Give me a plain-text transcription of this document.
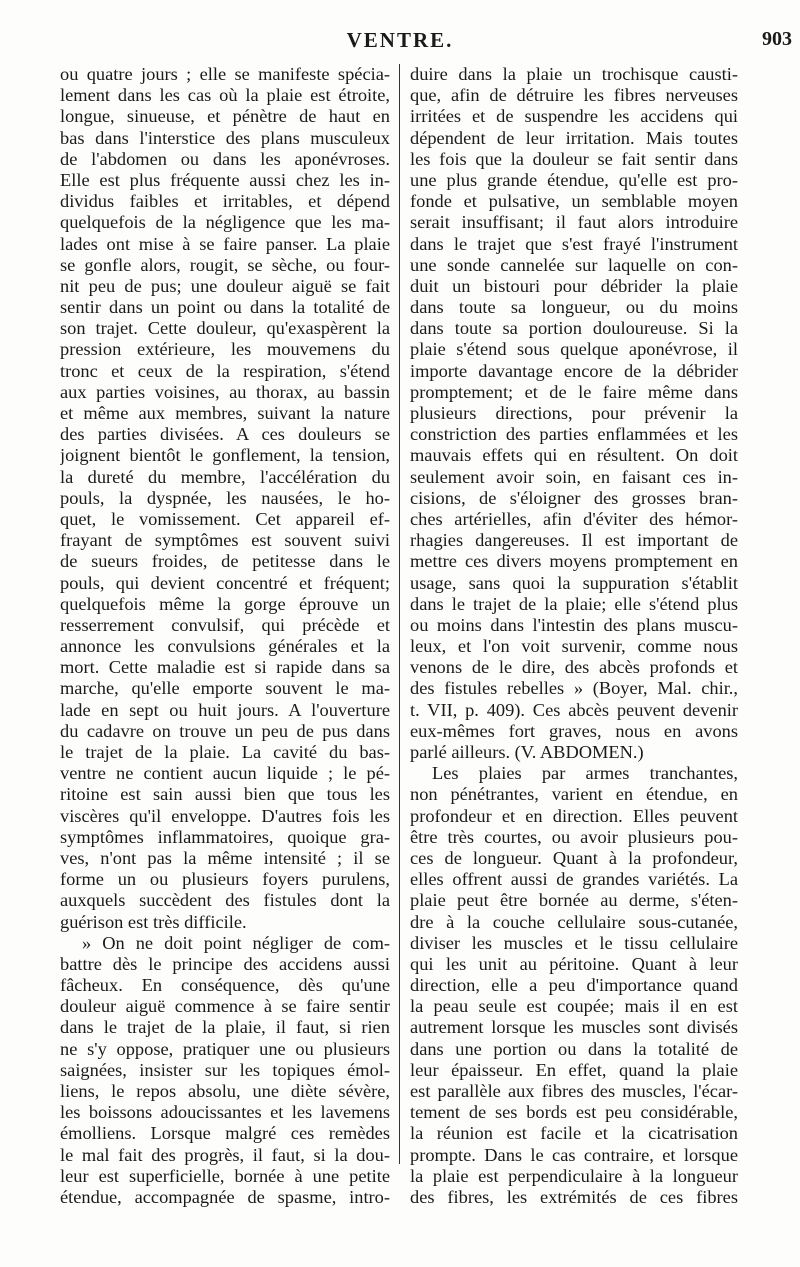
VENTRE.	903
ou quatre jours ; elle se manifeste spécia-
lement dans les cas où la plaie est étroite,
longue, sinueuse, et pénètre de haut en
bas dans l'interstice des plans musculeux
de l'abdomen ou dans les aponévroses.
Elle est plus fréquente aussi chez les in-
dividus faibles et irritables, et dépend
quelquefois de la négligence que les ma-
lades ont mise à se faire panser. La plaie
se gonfle alors, rougit, se sèche, ou four-
nit peu de pus; une douleur aiguë se fait
sentir dans un point ou dans la totalité de
son trajet. Cette douleur, qu'exaspèrent la
pression extérieure, les mouvemens du
tronc et ceux de la respiration, s'étend
aux parties voisines, au thorax, au bassin
et même aux membres, suivant la nature
des parties divisées. A ces douleurs se
joignent bientôt le gonflement, la tension,
la dureté du membre, l'accélération du
pouls, la dyspnée, les nausées, le ho-
quet, le vomissement. Cet appareil ef-
frayant de symptômes est souvent suivi
de sueurs froides, de petitesse dans le
pouls, qui devient concentré et fréquent;
quelquefois même la gorge éprouve un
resserrement convulsif, qui précède et
annonce les convulsions générales et la
mort. Cette maladie est si rapide dans sa
marche, qu'elle emporte souvent le ma-
lade en sept ou huit jours. A l'ouverture
du cadavre on trouve un peu de pus dans
le trajet de la plaie. La cavité du bas-
ventre ne contient aucun liquide ; le pé-
ritoine est sain aussi bien que tous les
viscères qu'il enveloppe. D'autres fois les
symptômes inflammatoires, quoique gra-
ves, n'ont pas la même intensité ; il se
forme un ou plusieurs foyers purulens,
auxquels succèdent des fistules dont la
guérison est très difficile.
» On ne doit point négliger de com-
battre dès le principe des accidens aussi
fâcheux. En conséquence, dès qu'une
douleur aiguë commence à se faire sentir
dans le trajet de la plaie, il faut, si rien
ne s'y oppose, pratiquer une ou plusieurs
saignées, insister sur les topiques émol-
liens, le repos absolu, une diète sévère,
les boissons adoucissantes et les lavemens
émolliens. Lorsque malgré ces remèdes
le mal fait des progrès, il faut, si la dou-
leur est superficielle, bornée à une petite
étendue, accompagnée de spasme, intro-
duire dans la plaie un trochisque causti-
que, afin de détruire les fibres nerveuses
irritées et de suspendre les accidens qui
dépendent de leur irritation. Mais toutes
les fois que la douleur se fait sentir dans
une plus grande étendue, qu'elle est pro-
fonde et pulsative, un semblable moyen
serait insuffisant; il faut alors introduire
dans le trajet que s'est frayé l'instrument
une sonde cannelée sur laquelle on con-
duit un bistouri pour débrider la plaie
dans toute sa longueur, ou du moins
dans toute sa portion douloureuse. Si la
plaie s'étend sous quelque aponévrose, il
importe davantage encore de la débrider
promptement; et de le faire même dans
plusieurs directions, pour prévenir la
constriction des parties enflammées et les
mauvais effets qui en résultent. On doit
seulement avoir soin, en faisant ces in-
cisions, de s'éloigner des grosses bran-
ches artérielles, afin d'éviter des hémor-
rhagies dangereuses. Il est important de
mettre ces divers moyens promptement en
usage, sans quoi la suppuration s'établit
dans le trajet de la plaie; elle s'étend plus
ou moins dans l'intestin des plans muscu-
leux, et l'on voit survenir, comme nous
venons de le dire, des abcès profonds et
des fistules rebelles » (Boyer, Mal. chir.,
t. VII, p. 409). Ces abcès peuvent devenir
eux-mêmes fort graves, nous en avons
parlé ailleurs. (V. ABDOMEN.)
Les plaies par armes tranchantes,
non pénétrantes, varient en étendue, en
profondeur et en direction. Elles peuvent
être très courtes, ou avoir plusieurs pou-
ces de longueur. Quant à la profondeur,
elles offrent aussi de grandes variétés. La
plaie peut être bornée au derme, s'éten-
dre à la couche cellulaire sous-cutanée,
diviser les muscles et le tissu cellulaire
qui les unit au péritoine. Quant à leur
direction, elle a peu d'importance quand
la peau seule est coupée; mais il en est
autrement lorsque les muscles sont divisés
dans une portion ou dans la totalité de
leur épaisseur. En effet, quand la plaie
est parallèle aux fibres des muscles, l'écar-
tement de ses bords est peu considérable,
la réunion est facile et la cicatrisation
prompte. Dans le cas contraire, et lorsque
la plaie est perpendiculaire à la longueur
des fibres, les extrémités de ces fibres
